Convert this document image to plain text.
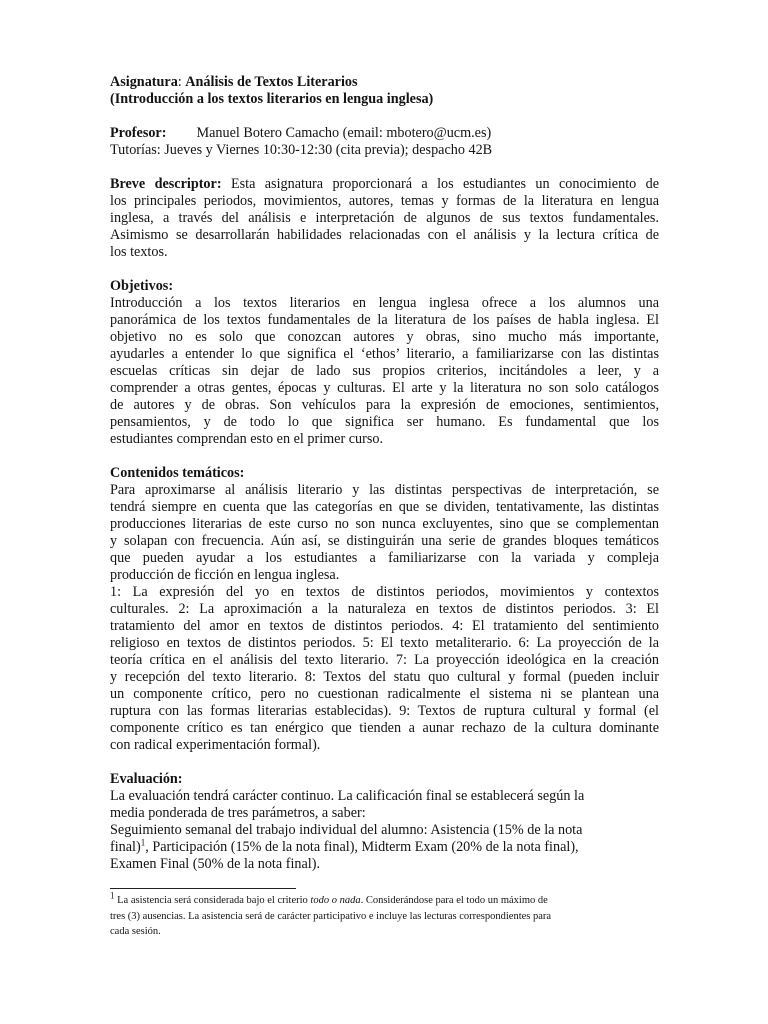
Asignatura: Análisis de Textos Literarios
(Introducción a los textos literarios en lengua inglesa)
Profesor: Manuel Botero Camacho (email: mbotero@ucm.es)
Tutorías: Jueves y Viernes 10:30-12:30 (cita previa); despacho 42B
Breve descriptor: Esta asignatura proporcionará a los estudiantes un conocimiento de
los principales periodos, movimientos, autores, temas y formas de la literatura en lengua
inglesa, a través del análisis e interpretación de algunos de sus textos fundamentales.
Asimismo se desarrollarán habilidades relacionadas con el análisis y la lectura crítica de
los textos.
Objetivos:
Introducción a los textos literarios en lengua inglesa ofrece a los alumnos una
panorámica de los textos fundamentales de la literatura de los países de habla inglesa. El
objetivo no es solo que conozcan autores y obras, sino mucho más importante,
ayudarles a entender lo que significa el ‘ethos’ literario, a familiarizarse con las distintas
escuelas críticas sin dejar de lado sus propios criterios, incitándoles a leer, y a
comprender a otras gentes, épocas y culturas. El arte y la literatura no son solo catálogos
de autores y de obras. Son vehículos para la expresión de emociones, sentimientos,
pensamientos, y de todo lo que significa ser humano. Es fundamental que los
estudiantes comprendan esto en el primer curso.
Contenidos temáticos:
Para aproximarse al análisis literario y las distintas perspectivas de interpretación, se
tendrá siempre en cuenta que las categorías en que se dividen, tentativamente, las distintas
producciones literarias de este curso no son nunca excluyentes, sino que se complementan
y solapan con frecuencia. Aún así, se distinguirán una serie de grandes bloques temáticos
que pueden ayudar a los estudiantes a familiarizarse con la variada y compleja
producción de ficción en lengua inglesa.
1: La expresión del yo en textos de distintos periodos, movimientos y contextos
culturales. 2: La aproximación a la naturaleza en textos de distintos periodos. 3: El
tratamiento del amor en textos de distintos periodos. 4: El tratamiento del sentimiento
religioso en textos de distintos periodos. 5: El texto metaliterario. 6: La proyección de la
teoría crítica en el análisis del texto literario. 7: La proyección ideológica en la creación
y recepción del texto literario. 8: Textos del statu quo cultural y formal (pueden incluir
un componente crítico, pero no cuestionan radicalmente el sistema ni se plantean una
ruptura con las formas literarias establecidas). 9: Textos de ruptura cultural y formal (el
componente crítico es tan enérgico que tienden a aunar rechazo de la cultura dominante
con radical experimentación formal).
Evaluación:
La evaluación tendrá carácter continuo. La calificación final se establecerá según la
media ponderada de tres parámetros, a saber:
Seguimiento semanal del trabajo individual del alumno: Asistencia (15% de la nota
final)$^1$, Participación (15% de la nota final), Midterm Exam (20% de la nota final),
Examen Final (50% de la nota final).
1 La asistencia será considerada bajo el criterio todo o nada. Considerándose para el todo un máximo de
tres (3) ausencias. La asistencia será de carácter participativo e incluye las lecturas correspondientes para
cada sesión.
